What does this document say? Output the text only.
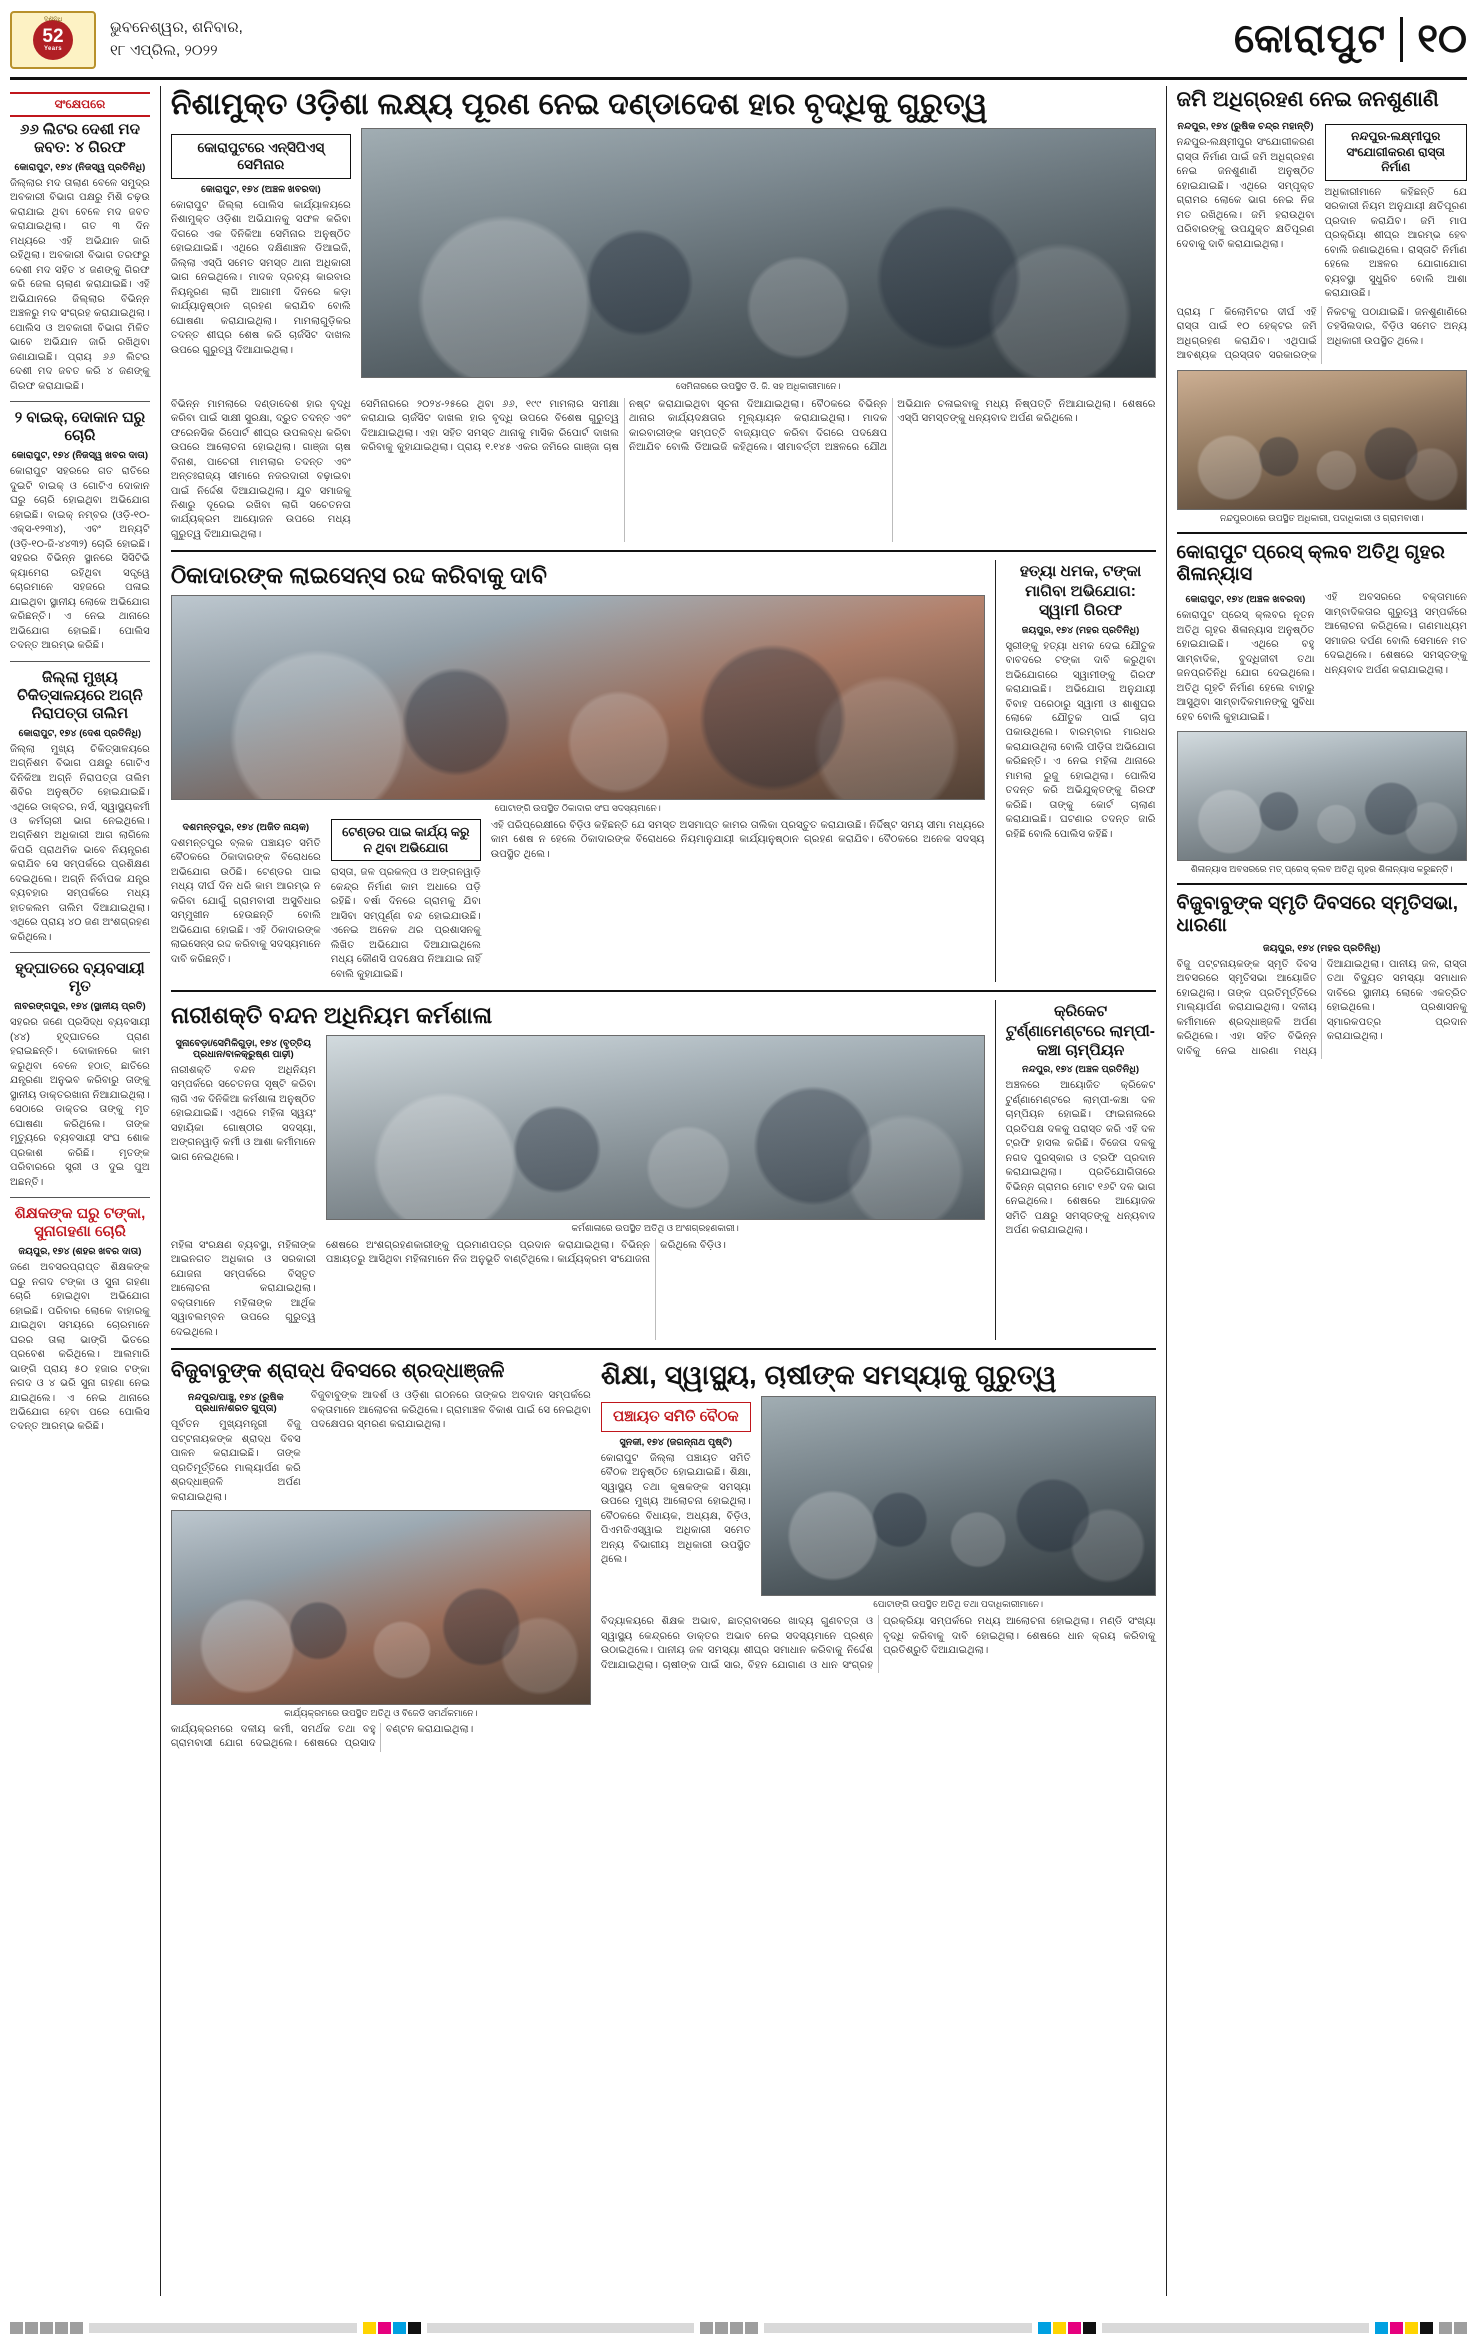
ଦଶନ୍ଧି
52
Years
ଭୁବନେଶ୍ୱର, ଶନିବାର,
୧୮ ଏପ୍ରିଲ, ୨୦୨୨	କୋରାପୁଟ ୧୦
ସଂକ୍ଷେପରେ
୬୬ ଲିଟର ଦେଶୀ ମଦ ଜବତ: ୪ ଗିରଫ
କୋରାପୁଟ, ୧୭୪ (ନିଜସ୍ୱ ପ୍ରତିନିଧି)
ଜିଲ୍ଲାର ମଦ ତାଲାଣ ବେଳେ ସମୁଦ୍ର ଅବକାରୀ ବିଭାଗ ପକ୍ଷରୁ ମିଶି ଚଢ଼ଉ କରାଯାଇ ଥିବା ବେଳେ ମଦ ଜବତ କରାଯାଇଥିଲା। ଗତ ୩ ଦିନ ମଧ୍ୟରେ ଏହି ଅଭିଯାନ ଜାରି ରହିଥିଲା। ଅବକାରୀ ବିଭାଗ ତରଫରୁ ଦେଶୀ ମଦ ସହିତ ୪ ଜଣଙ୍କୁ ଗିରଫ କରି ଜେଲ ଚାଲାଣ କରାଯାଇଛି। ଏହି ଅଭିଯାନରେ ଜିଲ୍ଲାର ବିଭିନ୍ନ ଅଞ୍ଚଳରୁ ମଦ ସଂଗ୍ରହ କରାଯାଇଥିଲା। ପୋଲିସ ଓ ଅବକାରୀ ବିଭାଗ ମିଳିତ ଭାବେ ଅଭିଯାନ ଜାରି ରଖିଥିବା ଜଣାଯାଇଛି। ପ୍ରାୟ ୬୬ ଲିଟର ଦେଶୀ ମଦ ଜବତ କରି ୪ ଜଣଙ୍କୁ ଗିରଫ କରାଯାଇଛି।
୨ ବାଇକ୍, ଦୋକାନ ଘରୁ ଚୋରି
କୋରାପୁଟ, ୧୭୪ (ନିଜସ୍ୱ ଖବର ଦାତା)
କୋରାପୁଟ ସହରରେ ଗତ ରାତିରେ ଦୁଇଟି ବାଇକ୍ ଓ ଗୋଟିଏ ଦୋକାନ ଘରୁ ଚୋରି ହୋଇଥିବା ଅଭିଯୋଗ ହୋଇଛି। ବାଇକ୍ ନମ୍ବର (ଓଡ଼ି-୧୦-ଏକ୍ସ-୧୨୩୪), ଏବଂ ଅନ୍ୟଟି (ଓଡ଼ି-୧୦-ଜି-୪୪୩୨) ଚୋରି ହୋଇଛି। ସହରର ବିଭିନ୍ନ ସ୍ଥାନରେ ସିସିଟିଭି କ୍ୟାମେରା ରହିଥିବା ସତ୍ତ୍ୱେ ଚୋରମାନେ ସହଜରେ ପଳାଇ ଯାଇଥିବା ସ୍ଥାନୀୟ ଲୋକେ ଅଭିଯୋଗ କରିଛନ୍ତି। ଏ ନେଇ ଥାନାରେ ଅଭିଯୋଗ ହୋଇଛି। ପୋଲିସ ତଦନ୍ତ ଆରମ୍ଭ କରିଛି।
ଜିଲ୍ଲା ମୁଖ୍ୟ ଚିକିତ୍ସାଳୟରେ ଅଗ୍ନି ନିରାପତ୍ତା ତାଲିମ
କୋରାପୁଟ, ୧୭୪ (ଦେଶ ପ୍ରତିନିଧି)
ଜିଲ୍ଲା ମୁଖ୍ୟ ଚିକିତ୍ସାଳୟରେ ଅଗ୍ନିଶମ ବିଭାଗ ପକ୍ଷରୁ ଗୋଟିଏ ଦିନିକିଆ ଅଗ୍ନି ନିରାପତ୍ତା ତାଲିମ ଶିବିର ଅନୁଷ୍ଠିତ ହୋଇଯାଇଛି। ଏଥିରେ ଡାକ୍ତର, ନର୍ସ, ସ୍ୱାସ୍ଥ୍ୟକର୍ମୀ ଓ କର୍ମଚାରୀ ଭାଗ ନେଇଥିଲେ। ଅଗ୍ନିଶମ ଅଧିକାରୀ ଆଗ ଲାଗିଲେ କିପରି ପ୍ରାଥମିକ ଭାବେ ନିୟନ୍ତ୍ରଣ କରାଯିବ ସେ ସମ୍ପର୍କରେ ପ୍ରଶିକ୍ଷଣ ଦେଇଥିଲେ। ଅଗ୍ନି ନିର୍ବାପକ ଯନ୍ତ୍ର ବ୍ୟବହାର ସମ୍ପର୍କରେ ମଧ୍ୟ ହାତକଲମ ତାଲିମ ଦିଆଯାଇଥିଲା। ଏଥିରେ ପ୍ରାୟ ୪୦ ଜଣ ଅଂଶଗ୍ରହଣ କରିଥିଲେ।
ହୃଦ୍‌ଘାତରେ ବ୍ୟବସାୟୀ ମୃତ
ନାବରଙ୍ଗପୁର, ୧୭୪ (ସ୍ଥାନୀୟ ପ୍ରତି)
ସହରର ଜଣେ ପ୍ରସିଦ୍ଧ ବ୍ୟବସାୟୀ (୪୪) ହୃଦ୍‌ଘାତରେ ପ୍ରାଣ ହରାଇଛନ୍ତି। ଦୋକାନରେ କାମ କରୁଥିବା ବେଳେ ହଠାତ୍ ଛାତିରେ ଯନ୍ତ୍ରଣା ଅନୁଭବ କରିବାରୁ ତାଙ୍କୁ ସ୍ଥାନୀୟ ଡାକ୍ତରଖାନା ନିଆଯାଇଥିଲା। ସେଠାରେ ଡାକ୍ତର ତାଙ୍କୁ ମୃତ ଘୋଷଣା କରିଥିଲେ। ତାଙ୍କ ମୃତ୍ୟୁରେ ବ୍ୟବସାୟୀ ସଂଘ ଶୋକ ପ୍ରକାଶ କରିଛି। ମୃତଙ୍କ ପରିବାରରେ ସ୍ତ୍ରୀ ଓ ଦୁଇ ପୁଅ ଅଛନ୍ତି।
ଶିକ୍ଷକଙ୍କ ଘରୁ ଟଙ୍କା, ସୁନାଗହଣା ଚୋରି
ଜୟପୁର, ୧୭୪ (ଶହର ଖବର ଦାତା)
ଜଣେ ଅବସରପ୍ରାପ୍ତ ଶିକ୍ଷକଙ୍କ ଘରୁ ନଗଦ ଟଙ୍କା ଓ ସୁନା ଗହଣା ଚୋରି ହୋଇଥିବା ଅଭିଯୋଗ ହୋଇଛି। ପରିବାର ଲୋକେ ବାହାରକୁ ଯାଇଥିବା ସମୟରେ ଚୋରମାନେ ଘରର ତାଲା ଭାଙ୍ଗି ଭିତରେ ପ୍ରବେଶ କରିଥିଲେ। ଆଲମାରି ଭାଙ୍ଗି ପ୍ରାୟ ୫୦ ହଜାର ଟଙ୍କା ନଗଦ ଓ ୪ ଭରି ସୁନା ଗହଣା ନେଇ ଯାଇଥିଲେ। ଏ ନେଇ ଥାନାରେ ଅଭିଯୋଗ ହେବା ପରେ ପୋଲିସ ତଦନ୍ତ ଆରମ୍ଭ କରିଛି।
ନିଶାମୁକ୍ତ ଓଡ଼ିଶା ଲକ୍ଷ୍ୟ ପୂରଣ ନେଇ ଦଣ୍ଡାଦେଶ ହାର ବୃଦ୍ଧିକୁ ଗୁରୁତ୍ୱ
କୋରାପୁଟରେ ଏନ୍‌ସିପିଏସ୍ ସେମିନାର
କୋରାପୁଟ, ୧୭୪ (ଅଞ୍ଚଳ ଖବରଦା)
କୋରାପୁଟ ଜିଲ୍ଲା ପୋଲିସ କାର୍ଯ୍ୟାଳୟରେ ନିଶାମୁକ୍ତ ଓଡ଼ିଶା ଅଭିଯାନକୁ ସଫଳ କରିବା ଦିଗରେ ଏକ ଦିନିକିଆ ସେମିନାର ଅନୁଷ୍ଠିତ ହୋଇଯାଇଛି। ଏଥିରେ ଦକ୍ଷିଣାଞ୍ଚଳ ଡିଆଇଜି, ଜିଲ୍ଲା ଏସ୍‌ପି ସମେତ ସମସ୍ତ ଥାନା ଅଧିକାରୀ ଭାଗ ନେଇଥିଲେ। ମାଦକ ଦ୍ରବ୍ୟ କାରବାର ନିୟନ୍ତ୍ରଣ ଲାଗି ଆଗାମୀ ଦିନରେ କଡ଼ା କାର୍ଯ୍ୟାନୁଷ୍ଠାନ ଗ୍ରହଣ କରାଯିବ ବୋଲି ଘୋଷଣା କରାଯାଇଥିଲା। ମାମଲାଗୁଡ଼ିକର ତଦନ୍ତ ଶୀଘ୍ର ଶେଷ କରି ଚାର୍ଜସିଟ ଦାଖଲ ଉପରେ ଗୁରୁତ୍ୱ ଦିଆଯାଇଥିଲା।
ସେମିନାରରେ ଉପସ୍ଥିତ ଡି. ଜି. ସହ ଅଧିକାରୀମାନେ।
ବିଭିନ୍ନ ମାମଲାରେ ଦଣ୍ଡାଦେଶ ହାର ବୃଦ୍ଧି କରିବା ପାଇଁ ସାକ୍ଷୀ ସୁରକ୍ଷା, ଦ୍ରୁତ ତଦନ୍ତ ଏବଂ ଫରେନସିକ ରିପୋର୍ଟ ଶୀଘ୍ର ଉପଲବ୍ଧ କରିବା ଉପରେ ଆଲୋଚନା ହୋଇଥିଲା। ଗାଞ୍ଜା ଚାଷ ବିନାଶ, ପାଚେରୀ ମାମଲାର ତଦନ୍ତ ଏବଂ ଅନ୍ତଃରାଜ୍ୟ ସୀମାରେ ନଜରଦାରୀ ବଢ଼ାଇବା ପାଇଁ ନିର୍ଦ୍ଦେଶ ଦିଆଯାଇଥିଲା। ଯୁବ ସମାଜକୁ ନିଶାରୁ ଦୂରେଇ ରଖିବା ଲାଗି ସଚେତନତା କାର୍ଯ୍ୟକ୍ରମ ଆୟୋଜନ ଉପରେ ମଧ୍ୟ ଗୁରୁତ୍ୱ ଦିଆଯାଇଥିଲା।
ସେମିନାରରେ ୨୦୨୪-୨୫ରେ ଥିବା ୬୬, ୧୯୯ ମାମଲାର ସମୀକ୍ଷା କରାଯାଇ ଚାର୍ଜସିଟ ଦାଖଲ ହାର ବୃଦ୍ଧି ଉପରେ ବିଶେଷ ଗୁରୁତ୍ୱ ଦିଆଯାଇଥିଲା। ଏହା ସହିତ ସମସ୍ତ ଥାନାକୁ ମାସିକ ରିପୋର୍ଟ ଦାଖଲ କରିବାକୁ କୁହାଯାଇଥିଲା। ପ୍ରାୟ ୧.୧୪୫ ଏକର ଜମିରେ ଗାଞ୍ଜା ଚାଷ ନଷ୍ଟ କରାଯାଇଥିବା ସୂଚନା ଦିଆଯାଇଥିଲା। ବୈଠକରେ ବିଭିନ୍ନ ଥାନାର କାର୍ଯ୍ୟଦକ୍ଷତାର ମୂଲ୍ୟାୟନ କରାଯାଇଥିଲା। ମାଦକ କାରବାରୀଙ୍କ ସମ୍ପତ୍ତି ବାଜ୍ୟାପ୍ତ କରିବା ଦିଗରେ ପଦକ୍ଷେପ ନିଆଯିବ ବୋଲି ଡିଆଇଜି କହିଥିଲେ। ସୀମାବର୍ତ୍ତୀ ଅଞ୍ଚଳରେ ଯୌଥ ଅଭିଯାନ ଚଳାଇବାକୁ ମଧ୍ୟ ନିଷ୍ପତ୍ତି ନିଆଯାଇଥିଲା। ଶେଷରେ ଏସ୍‌ପି ସମସ୍ତଙ୍କୁ ଧନ୍ୟବାଦ ଅର୍ପଣ କରିଥିଲେ।
ଠିକାଦାରଙ୍କ ଲାଇସେନ୍ସ ରଦ୍ଦ କରିବାକୁ ଦାବି
ପୋଟାଙ୍ଗି ଉପସ୍ଥିତ ଠିକାଦାର ସଂଘ ସଦସ୍ୟମାନେ।
ଦଶମନ୍ତପୁର, ୧୭୪ (ଅଜିତ ନାୟକ)
ଦଶମନ୍ତପୁର ବ୍ଲକ ପଞ୍ଚାୟତ ସମିତି ବୈଠକରେ ଠିକାଦାରଙ୍କ ବିରୋଧରେ ଅଭିଯୋଗ ଉଠିଛି। ଟେଣ୍ଡର ପାଇ ମଧ୍ୟ ଦୀର୍ଘ ଦିନ ଧରି କାମ ଆରମ୍ଭ ନ କରିବା ଯୋଗୁଁ ଗ୍ରାମବାସୀ ଅସୁବିଧାର ସମ୍ମୁଖୀନ ହେଉଛନ୍ତି ବୋଲି ଅଭିଯୋଗ ହୋଇଛି। ଏହି ଠିକାଦାରଙ୍କ ଲାଇସେନ୍ସ ରଦ୍ଦ କରିବାକୁ ସଦସ୍ୟମାନେ ଦାବି କରିଛନ୍ତି।
ଟେଣ୍ଡର ପାଇ କାର୍ଯ୍ୟ କରୁ ନ ଥିବା ଅଭିଯୋଗ
ରାସ୍ତା, ଜଳ ପ୍ରକଳ୍ପ ଓ ଅଙ୍ଗନୱାଡ଼ି କେନ୍ଦ୍ର ନିର୍ମାଣ କାମ ଅଧାରେ ପଡ଼ି ରହିଛି। ବର୍ଷା ଦିନରେ ଗ୍ରାମକୁ ଯିବା ଆସିବା ସମ୍ପୂର୍ଣ୍ଣ ବନ୍ଦ ହୋଇଯାଉଛି। ଏନେଇ ଅନେକ ଥର ପ୍ରଶାସନକୁ ଲିଖିତ ଅଭିଯୋଗ ଦିଆଯାଇଥିଲେ ମଧ୍ୟ କୌଣସି ପଦକ୍ଷେପ ନିଆଯାଇ ନାହିଁ ବୋଲି କୁହାଯାଇଛି।
ଏହି ପରିପ୍ରେକ୍ଷୀରେ ବିଡ଼ିଓ କହିଛନ୍ତି ଯେ ସମସ୍ତ ଅସମାପ୍ତ କାମର ତାଲିକା ପ୍ରସ୍ତୁତ କରାଯାଉଛି। ନିର୍ଦ୍ଦିଷ୍ଟ ସମୟ ସୀମା ମଧ୍ୟରେ କାମ ଶେଷ ନ ହେଲେ ଠିକାଦାରଙ୍କ ବିରୋଧରେ ନିୟମାନୁଯାୟୀ କାର୍ଯ୍ୟାନୁଷ୍ଠାନ ଗ୍ରହଣ କରାଯିବ। ବୈଠକରେ ଅନେକ ସଦସ୍ୟ ଉପସ୍ଥିତ ଥିଲେ।
ହତ୍ୟା ଧମକ, ଟଙ୍କା ମାଗିବା ଅଭିଯୋଗ: ସ୍ୱାମୀ ଗିରଫ
ଜୟପୁର, ୧୭୪ (ମହର ପ୍ରତିନିଧି)
ସ୍ତ୍ରୀଙ୍କୁ ହତ୍ୟା ଧମକ ଦେଇ ଯୌତୁକ ବାବଦରେ ଟଙ୍କା ଦାବି କରୁଥିବା ଅଭିଯୋଗରେ ସ୍ୱାମୀଙ୍କୁ ଗିରଫ କରାଯାଇଛି। ଅଭିଯୋଗ ଅନୁଯାୟୀ ବିବାହ ପରେଠାରୁ ସ୍ୱାମୀ ଓ ଶାଶୁଘର ଲୋକେ ଯୌତୁକ ପାଇଁ ଚାପ ପକାଉଥିଲେ। ବାରମ୍ବାର ମାରଧର କରାଯାଉଥିଲା ବୋଲି ପୀଡ଼ିତା ଅଭିଯୋଗ କରିଛନ୍ତି। ଏ ନେଇ ମହିଳା ଥାନାରେ ମାମଲା ରୁଜୁ ହୋଇଥିଲା। ପୋଲିସ ତଦନ୍ତ କରି ଅଭିଯୁକ୍ତଙ୍କୁ ଗିରଫ କରିଛି। ତାଙ୍କୁ କୋର୍ଟ ଚାଲାଣ କରାଯାଇଛି। ଘଟଣାର ତଦନ୍ତ ଜାରି ରହିଛି ବୋଲି ପୋଲିସ କହିଛି।
ନାରୀଶକ୍ତି ବନ୍ଦନ ଅଧିନିୟମ କର୍ମଶାଳା
ସୁନାବେଡ଼ା/ସେମିଳିଗୁଡ଼ା, ୧୭୪ (ବୃତ୍ତିୟ ପ୍ରଧାନ/ବାଳକ୍ରୁଷ୍ଣ ପାଢ଼ୀ)
ନାରୀଶକ୍ତି ବନ୍ଦନ ଅଧିନିୟମ ସମ୍ପର୍କରେ ସଚେତନତା ସୃଷ୍ଟି କରିବା ଲାଗି ଏକ ଦିନିକିଆ କର୍ମଶାଳା ଅନୁଷ୍ଠିତ ହୋଇଯାଇଛି। ଏଥିରେ ମହିଳା ସ୍ୱୟଂ ସହାୟିକା ଗୋଷ୍ଠୀର ସଦସ୍ୟା, ଅଙ୍ଗନୱାଡ଼ି କର୍ମୀ ଓ ଆଶା କର୍ମୀମାନେ ଭାଗ ନେଇଥିଲେ।
କର୍ମଶାଳାରେ ଉପସ୍ଥିତ ଅତିଥି ଓ ଅଂଶଗ୍ରହଣକାରୀ।
ମହିଳା ସଂରକ୍ଷଣ ବ୍ୟବସ୍ଥା, ମହିଳାଙ୍କ ଆଇନଗତ ଅଧିକାର ଓ ସରକାରୀ ଯୋଜନା ସମ୍ପର୍କରେ ବିସ୍ତୃତ ଆଲୋଚନା କରାଯାଇଥିଲା। ବକ୍ତାମାନେ ମହିଳାଙ୍କ ଆର୍ଥିକ ସ୍ୱାବଲମ୍ବନ ଉପରେ ଗୁରୁତ୍ୱ ଦେଇଥିଲେ।
ଶେଷରେ ଅଂଶଗ୍ରହଣକାରୀଙ୍କୁ ପ୍ରମାଣପତ୍ର ପ୍ରଦାନ କରାଯାଇଥିଲା। ବିଭିନ୍ନ ପଞ୍ଚାୟତରୁ ଆସିଥିବା ମହିଳାମାନେ ନିଜ ଅନୁଭୂତି ବାଣ୍ଟିଥିଲେ। କାର୍ଯ୍ୟକ୍ରମ ସଂଯୋଜନା କରିଥିଲେ ବିଡ଼ିଓ।
କ୍ରିକେଟ ଟୁର୍ଣ୍ଣାମେଣ୍ଟରେ ଲାମ୍ପୀ-କଞ୍ଚା ଚାମ୍ପିୟନ
ନନ୍ଦପୁର, ୧୭୪ (ଅଞ୍ଚଳ ପ୍ରତିନିଧି)
ଅଞ୍ଚଳରେ ଆୟୋଜିତ କ୍ରିକେଟ ଟୁର୍ଣ୍ଣାମେଣ୍ଟରେ ଲାମ୍ପୀ-କଞ୍ଚା ଦଳ ଚାମ୍ପିୟନ ହୋଇଛି। ଫାଇନାଲରେ ପ୍ରତିପକ୍ଷ ଦଳକୁ ପରାସ୍ତ କରି ଏହି ଦଳ ଟ୍ରଫି ହାସଲ କରିଛି। ବିଜେତା ଦଳକୁ ନଗଦ ପୁରସ୍କାର ଓ ଟ୍ରଫି ପ୍ରଦାନ କରାଯାଇଥିଲା। ପ୍ରତିଯୋଗିତାରେ ବିଭିନ୍ନ ଗ୍ରାମର ମୋଟ ୧୬ଟି ଦଳ ଭାଗ ନେଇଥିଲେ। ଶେଷରେ ଆୟୋଜକ ସମିତି ପକ୍ଷରୁ ସମସ୍ତଙ୍କୁ ଧନ୍ୟବାଦ ଅର୍ପଣ କରାଯାଇଥିଲା।
ବିଜୁବାବୁଙ୍କ ଶ୍ରାଦ୍ଧ ଦିବସରେ ଶ୍ରଦ୍ଧାଞ୍ଜଳି
ନନ୍ଦପୁର/ପାଞ୍ଚୁ, ୧୭୪ (ରୁଷିକ ପ୍ରଧାନ/ଶରତ ଗୁପ୍ତା)
ପୂର୍ବତନ ମୁଖ୍ୟମନ୍ତ୍ରୀ ବିଜୁ ପଟ୍ଟନାୟକଙ୍କ ଶ୍ରାଦ୍ଧ ଦିବସ ପାଳନ କରାଯାଇଛି। ତାଙ୍କ ପ୍ରତିମୂର୍ତ୍ତିରେ ମାଲ୍ୟାର୍ପଣ କରି ଶ୍ରଦ୍ଧାଞ୍ଜଳି ଅର୍ପଣ କରାଯାଇଥିଲା।
ବିଜୁବାବୁଙ୍କ ଆଦର୍ଶ ଓ ଓଡ଼ିଶା ଗଠନରେ ତାଙ୍କର ଅବଦାନ ସମ୍ପର୍କରେ ବକ୍ତାମାନେ ଆଲୋଚନା କରିଥିଲେ। ଗ୍ରାମାଞ୍ଚଳ ବିକାଶ ପାଇଁ ସେ ନେଇଥିବା ପଦକ୍ଷେପର ସ୍ମରଣ କରାଯାଇଥିଲା।
କାର୍ଯ୍ୟକ୍ରମରେ ଉପସ୍ଥିତ ଅତିଥି ଓ ବିଜେଡି ସମର୍ଥକମାନେ।
କାର୍ଯ୍ୟକ୍ରମରେ ଦଳୀୟ କର୍ମୀ, ସମର୍ଥକ ତଥା ବହୁ ଗ୍ରାମବାସୀ ଯୋଗ ଦେଇଥିଲେ। ଶେଷରେ ପ୍ରସାଦ ବଣ୍ଟନ କରାଯାଇଥିଲା।
ଶିକ୍ଷା, ସ୍ୱାସ୍ଥ୍ୟ, ଚାଷୀଙ୍କ ସମସ୍ୟାକୁ ଗୁରୁତ୍ୱ
ପଞ୍ଚାୟତ ସମିତି ବୈଠକ
ସୁନକୀ, ୧୭୪ (ଜଗନ୍ନାଥ ପୃଷ୍ଟି)
କୋରାପୁଟ ଜିଲ୍ଲା ପଞ୍ଚାୟତ ସମିତି ବୈଠକ ଅନୁଷ୍ଠିତ ହୋଇଯାଇଛି। ଶିକ୍ଷା, ସ୍ୱାସ୍ଥ୍ୟ ତଥା କୃଷକଙ୍କ ସମସ୍ୟା ଉପରେ ମୁଖ୍ୟ ଆଲୋଚନା ହୋଇଥିଲା। ବୈଠକରେ ବିଧାୟକ, ଅଧ୍ୟକ୍ଷ, ବିଡ଼ିଓ, ପିଏମଜିଏସ୍‌ୱାଇ ଅଧିକାରୀ ସମେତ ଅନ୍ୟ ବିଭାଗୀୟ ଅଧିକାରୀ ଉପସ୍ଥିତ ଥିଲେ।
ପୋଟାଙ୍ଗି ଉପସ୍ଥିତ ଅତିଥି ତଥା ପଦାଧିକାରୀମାନେ।
ବିଦ୍ୟାଳୟରେ ଶିକ୍ଷକ ଅଭାବ, ଛାତ୍ରାବାସରେ ଖାଦ୍ୟ ଗୁଣବତ୍ତା ଓ ସ୍ୱାସ୍ଥ୍ୟ କେନ୍ଦ୍ରରେ ଡାକ୍ତର ଅଭାବ ନେଇ ସଦସ୍ୟମାନେ ପ୍ରଶ୍ନ ଉଠାଇଥିଲେ। ପାନୀୟ ଜଳ ସମସ୍ୟା ଶୀଘ୍ର ସମାଧାନ କରିବାକୁ ନିର୍ଦ୍ଦେଶ ଦିଆଯାଇଥିଲା। ଚାଷୀଙ୍କ ପାଇଁ ସାର, ବିହନ ଯୋଗାଣ ଓ ଧାନ ସଂଗ୍ରହ ପ୍ରକ୍ରିୟା ସମ୍ପର୍କରେ ମଧ୍ୟ ଆଲୋଚନା ହୋଇଥିଲା। ମଣ୍ଡି ସଂଖ୍ୟା ବୃଦ୍ଧି କରିବାକୁ ଦାବି ହୋଇଥିଲା। ଶେଷରେ ଧାନ କ୍ରୟ କରିବାକୁ ପ୍ରତିଶ୍ରୁତି ଦିଆଯାଇଥିଲା।
ଜମି ଅଧିଗ୍ରହଣ ନେଇ ଜନଶୁଣାଣି
ନନ୍ଦପୁର, ୧୭୪ (ରୁଷିକ ଚନ୍ଦ୍ର ମହାନ୍ତି)
ନନ୍ଦପୁର-ଲକ୍ଷ୍ମୀପୁର ସଂଯୋଗୀକରଣ ରାସ୍ତା ନିର୍ମାଣ ପାଇଁ ଜମି ଅଧିଗ୍ରହଣ ନେଇ ଜନଶୁଣାଣି ଅନୁଷ୍ଠିତ ହୋଇଯାଇଛି। ଏଥିରେ ସମ୍ପୃକ୍ତ ଗ୍ରାମର ଲୋକେ ଭାଗ ନେଇ ନିଜ ମତ ରଖିଥିଲେ। ଜମି ହରାଉଥିବା ପରିବାରଙ୍କୁ ଉପଯୁକ୍ତ କ୍ଷତିପୂରଣ ଦେବାକୁ ଦାବି କରାଯାଇଥିଲା।
ନନ୍ଦପୁର-ଲକ୍ଷ୍ମୀପୁର ସଂଯୋଗୀକରଣ ରାସ୍ତା ନିର୍ମାଣ
ଅଧିକାରୀମାନେ କହିଛନ୍ତି ଯେ ସରକାରୀ ନିୟମ ଅନୁଯାୟୀ କ୍ଷତିପୂରଣ ପ୍ରଦାନ କରାଯିବ। ଜମି ମାପ ପ୍ରକ୍ରିୟା ଶୀଘ୍ର ଆରମ୍ଭ ହେବ ବୋଲି ଜଣାଇଥିଲେ। ରାସ୍ତାଟି ନିର୍ମାଣ ହେଲେ ଅଞ୍ଚଳର ଯୋଗାଯୋଗ ବ୍ୟବସ୍ଥା ସୁଧୁରିବ ବୋଲି ଆଶା କରାଯାଉଛି।
ପ୍ରାୟ ୮ କିଲୋମିଟର ଦୀର୍ଘ ଏହି ରାସ୍ତା ପାଇଁ ୧୦ ହେକ୍ଟର ଜମି ଅଧିଗ୍ରହଣ କରାଯିବ। ଏଥିପାଇଁ ଆବଶ୍ୟକ ପ୍ରସ୍ତାବ ସରକାରଙ୍କ ନିକଟକୁ ପଠାଯାଇଛି। ଜନଶୁଣାଣିରେ ତହସିଲଦାର, ବିଡ଼ିଓ ସମେତ ଅନ୍ୟ ଅଧିକାରୀ ଉପସ୍ଥିତ ଥିଲେ।
ନନ୍ଦପୁରଠାରେ ଉପସ୍ଥିତ ଅଧିକାରୀ, ପଦାଧିକାରୀ ଓ ଗ୍ରାମବାସୀ।
କୋରାପୁଟ ପ୍ରେସ୍ କ୍ଲବ ଅତିଥି ଗୃହର ଶିଳାନ୍ୟାସ
କୋରାପୁଟ, ୧୭୪ (ଅଞ୍ଚଳ ଖବରଦା)
କୋରାପୁଟ ପ୍ରେସ୍ କ୍ଲବର ନୂତନ ଅତିଥି ଗୃହର ଶିଳାନ୍ୟାସ ଅନୁଷ୍ଠିତ ହୋଇଯାଇଛି। ଏଥିରେ ବହୁ ସାମ୍ବାଦିକ, ବୁଦ୍ଧିଜୀବୀ ତଥା ଜନପ୍ରତିନିଧି ଯୋଗ ଦେଇଥିଲେ। ଅତିଥି ଗୃହଟି ନିର୍ମାଣ ହେଲେ ବାହାରୁ ଆସୁଥିବା ସାମ୍ବାଦିକମାନଙ୍କୁ ସୁବିଧା ହେବ ବୋଲି କୁହାଯାଇଛି।
ଏହି ଅବସରରେ ବକ୍ତାମାନେ ସାମ୍ବାଦିକତାର ଗୁରୁତ୍ୱ ସମ୍ପର୍କରେ ଆଲୋଚନା କରିଥିଲେ। ଗଣମାଧ୍ୟମ ସମାଜର ଦର୍ପଣ ବୋଲି ସେମାନେ ମତ ଦେଇଥିଲେ। ଶେଷରେ ସମସ୍ତଙ୍କୁ ଧନ୍ୟବାଦ ଅର୍ପଣ କରାଯାଇଥିଲା।
ଶିଳାନ୍ୟାସ ଅବସରରେ ମତ୍ ପ୍ରେସ୍ କ୍ଲବ ଅତିଥି ଗୃହର ଶିଳାନ୍ୟାସ କରୁଛନ୍ତି।
ବିଜୁବାବୁଙ୍କ ସ୍ମୃତି ଦିବସରେ ସ୍ମୃତିସଭା, ଧାରଣା
ଜୟପୁର, ୧୭୪ (ମହର ପ୍ରତିନିଧି)
ବିଜୁ ପଟ୍ଟନାୟକଙ୍କ ସ୍ମୃତି ଦିବସ ଅବସରରେ ସ୍ମୃତିସଭା ଆୟୋଜିତ ହୋଇଥିଲା। ତାଙ୍କ ପ୍ରତିମୂର୍ତ୍ତିରେ ମାଲ୍ୟାର୍ପଣ କରାଯାଇଥିଲା। ଦଳୀୟ କର୍ମୀମାନେ ଶ୍ରଦ୍ଧାଞ୍ଜଳି ଅର୍ପଣ କରିଥିଲେ। ଏହା ସହିତ ବିଭିନ୍ନ ଦାବିକୁ ନେଇ ଧାରଣା ମଧ୍ୟ ଦିଆଯାଇଥିଲା। ପାନୀୟ ଜଳ, ରାସ୍ତା ତଥା ବିଦ୍ୟୁତ ସମସ୍ୟା ସମାଧାନ ଦାବିରେ ସ୍ଥାନୀୟ ଲୋକେ ଏକତ୍ରିତ ହୋଇଥିଲେ। ପ୍ରଶାସନକୁ ସ୍ମାରକପତ୍ର ପ୍ରଦାନ କରାଯାଇଥିଲା।
